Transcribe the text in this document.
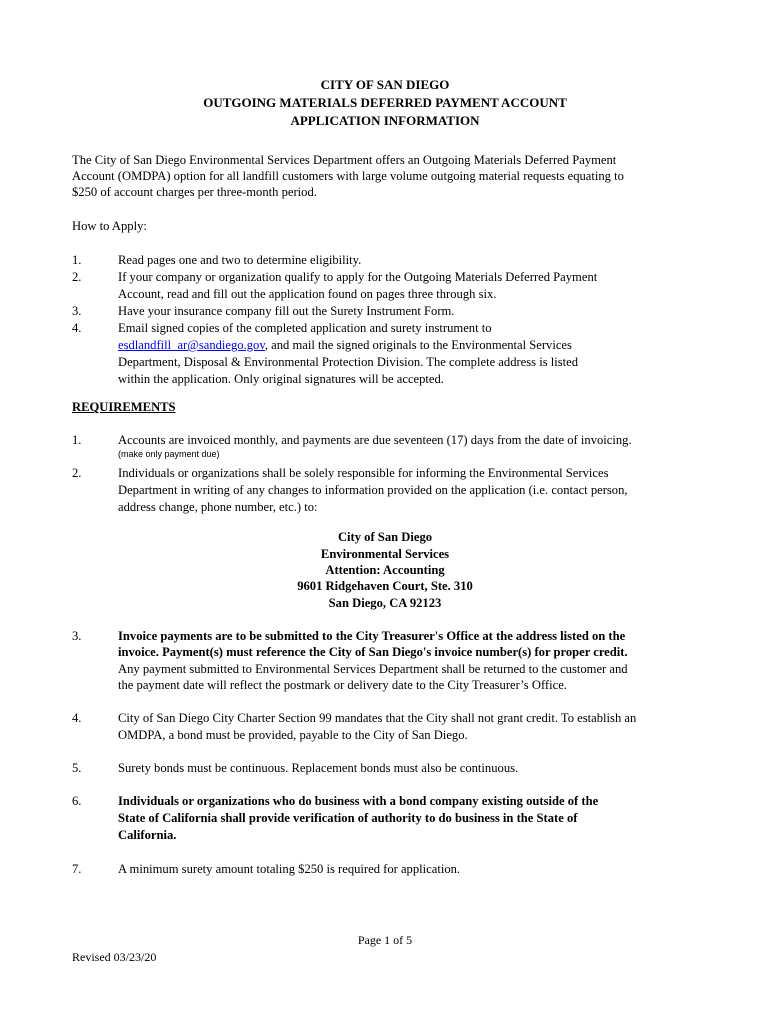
CITY OF SAN DIEGO
OUTGOING MATERIALS DEFERRED PAYMENT ACCOUNT
APPLICATION INFORMATION
The City of San Diego Environmental Services Department offers an Outgoing Materials Deferred Payment
Account (OMDPA) option for all landfill customers with large volume outgoing material requests equating to
$250 of account charges per three-month period.
How to Apply:
1.	Read pages one and two to determine eligibility.
2.	If your company or organization qualify to apply for the Outgoing Materials Deferred Payment
Account, read and fill out the application found on pages three through six.
3.	Have your insurance company fill out the Surety Instrument Form.
4.	Email signed copies of the completed application and surety instrument to
esdlandfill_ar@sandiego.gov, and mail the signed originals to the Environmental Services
Department, Disposal & Environmental Protection Division. The complete address is listed
within the application. Only original signatures will be accepted.
REQUIREMENTS
1.	Accounts are invoiced monthly, and payments are due seventeen (17) days from the date of invoicing.
(make only payment due)
2.	Individuals or organizations shall be solely responsible for informing the Environmental Services
Department in writing of any changes to information provided on the application (i.e. contact person,
address change, phone number, etc.) to:
City of San Diego
Environmental Services
Attention: Accounting
9601 Ridgehaven Court, Ste. 310
San Diego, CA 92123
3.	Invoice payments are to be submitted to the City Treasurer's Office at the address listed on the
invoice. Payment(s) must reference the City of San Diego's invoice number(s) for proper credit.
Any payment submitted to Environmental Services Department shall be returned to the customer and
the payment date will reflect the postmark or delivery date to the City Treasurer’s Office.
4.	City of San Diego City Charter Section 99 mandates that the City shall not grant credit. To establish an
OMDPA, a bond must be provided, payable to the City of San Diego.
5.	Surety bonds must be continuous. Replacement bonds must also be continuous.
6.	Individuals or organizations who do business with a bond company existing outside of the
State of California shall provide verification of authority to do business in the State of
California.
7.	A minimum surety amount totaling $250 is required for application.
Page 1 of 5
Revised 03/23/20
